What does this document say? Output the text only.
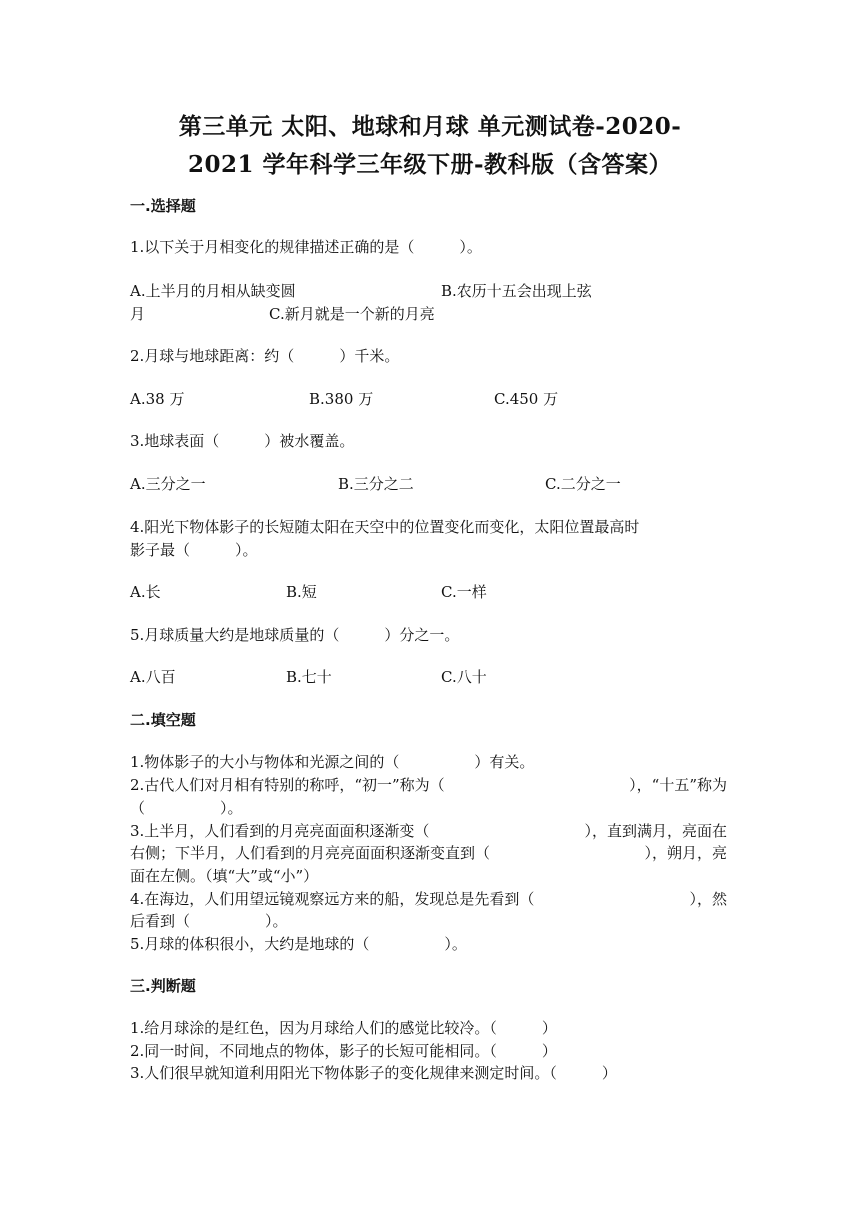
第三单元 太阳、地球和月球 单元测试卷-2020-
2021 学年科学三年级下册-教科版（含答案）
一.选择题
1.以下关于月相变化的规律描述正确的是（　　　）。
A.上半月的月相从缺变圆	B.农历十五会出现上弦
月	C.新月就是一个新的月亮
2.月球与地球距离：约（　　　）千米。
A.38 万	B.380 万	C.450 万
3.地球表面（　　　）被水覆盖。
A.三分之一	B.三分之二	C.二分之一
4.阳光下物体影子的长短随太阳在天空中的位置变化而变化，太阳位置最高时
影子最（　　　）。
A.长	B.短	C.一样
5.月球质量大约是地球质量的（　　　）分之一。
A.八百	B.七十	C.八十
二.填空题
1.物体影子的大小与物体和光源之间的（　　　　　）有关。
2.古代人们对月相有特别的称呼，“初一”称为（	），“十五”称为
（　　　　　）。
3.上半月，人们看到的月亮亮面面积逐渐变（	），直到满月，亮面在
右侧；下半月，人们看到的月亮亮面面积逐渐变直到（	），朔月，亮
面在左侧。（填“大”或“小”）
4.在海边，人们用望远镜观察远方来的船，发现总是先看到（	），然
后看到（　　　　　）。
5.月球的体积很小，大约是地球的（　　　　　）。
三.判断题
1.给月球涂的是红色，因为月球给人们的感觉比较冷。（　　　）
2.同一时间，不同地点的物体，影子的长短可能相同。（　　　）
3.人们很早就知道利用阳光下物体影子的变化规律来测定时间。（　　　）
